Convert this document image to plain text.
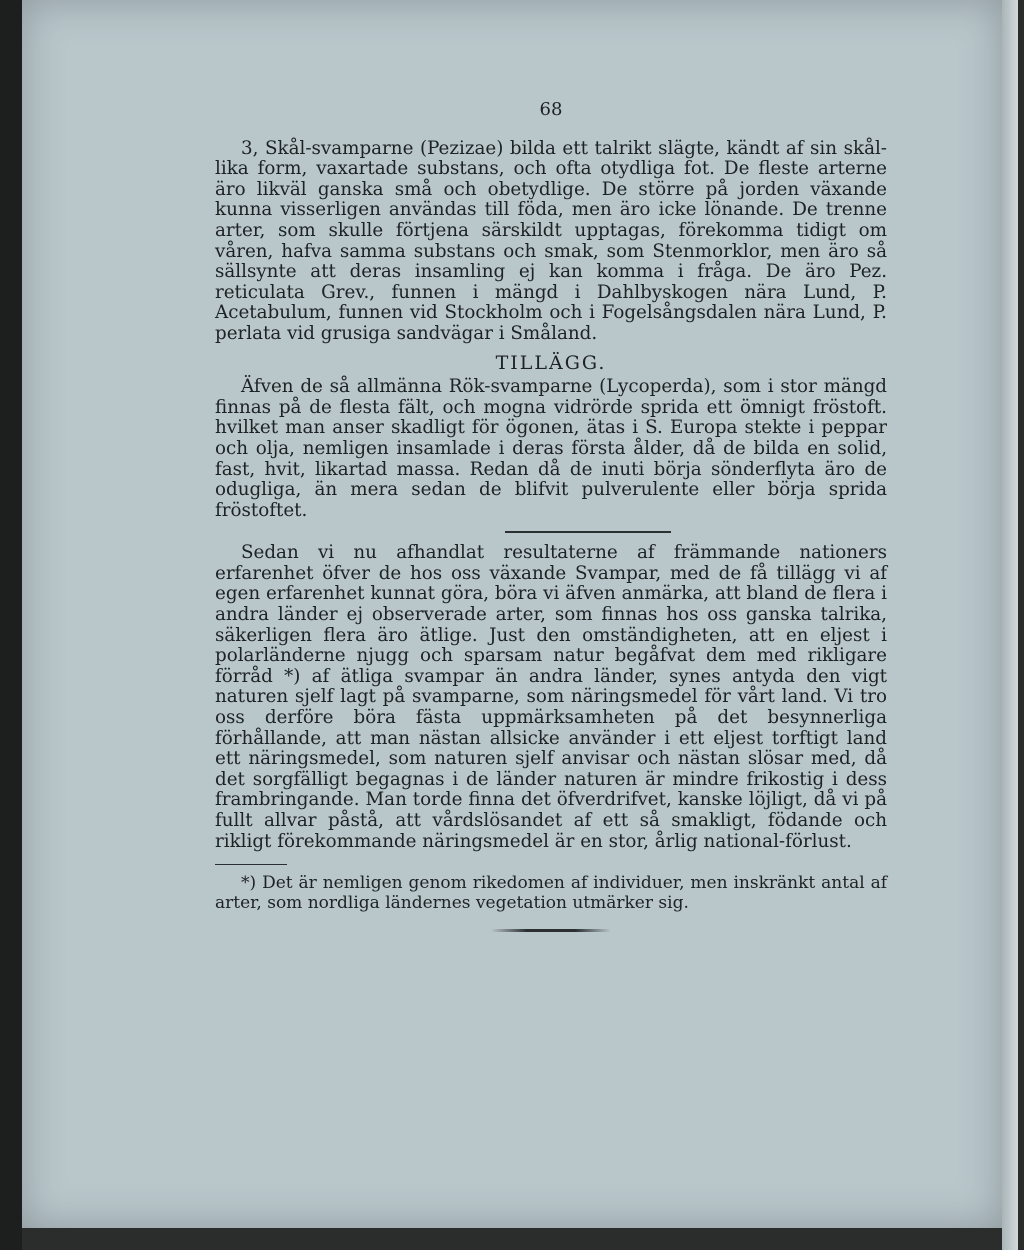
68

3, Skål-svamparne (Pezizae) bilda ett talrikt slägte, kändt af sin skål-lika form, vaxartade substans, och ofta otydliga fot. De fleste arterne äro likväl ganska små och obetydlige. De större på jorden växande kunna visserligen användas till föda, men äro icke lönande. De trenne arter, som skulle förtjena särskildt upptagas, förekomma tidigt om våren, hafva samma substans och smak, som Stenmorklor, men äro så sällsynte att deras insamling ej kan komma i fråga. De äro Pez. reticulata Grev., funnen i mängd i Dahlbyskogen nära Lund, P. Acetabulum, funnen vid Stockholm och i Fogelsångsdalen nära Lund, P. perlata vid grusiga sandvägar i Småland.

TILLÄGG.

Äfven de så allmänna Rök-svamparne (Lycoperda), som i stor mängd finnas på de flesta fält, och mogna vidrörde sprida ett ömnigt fröstoft. hvilket man anser skadligt för ögonen, ätas i S. Europa stekte i peppar och olja, nemligen insamlade i deras första ålder, då de bilda en solid, fast, hvit, likartad massa. Redan då de inuti börja sönderflyta äro de odugliga, än mera sedan de blifvit pulverulente eller börja sprida fröstoftet.

Sedan vi nu afhandlat resultaterne af främmande nationers erfarenhet öfver de hos oss växande Svampar, med de få tillägg vi af egen erfarenhet kunnat göra, böra vi äfven anmärka, att bland de flera i andra länder ej observerade arter, som finnas hos oss ganska talrika, säkerligen flera äro ätlige. Just den omständigheten, att en eljest i polarländerne njugg och sparsam natur begåfvat dem med rikligare förråd *) af ätliga svampar än andra länder, synes antyda den vigt naturen sjelf lagt på svamparne, som näringsmedel för vårt land. Vi tro oss derföre böra fästa uppmärksamheten på det besynnerliga förhållande, att man nästan allsicke använder i ett eljest torftigt land ett näringsmedel, som naturen sjelf anvisar och nästan slösar med, då det sorgfälligt begagnas i de länder naturen är mindre frikostig i dess frambringande. Man torde finna det öfverdrifvet, kanske löjligt, då vi på fullt allvar påstå, att vårdslösandet af ett så smakligt, födande och rikligt förekommande näringsmedel är en stor, årlig national-förlust.

*) Det är nemligen genom rikedomen af individuer, men inskränkt antal af arter, som nordliga ländernes vegetation utmärker sig.
